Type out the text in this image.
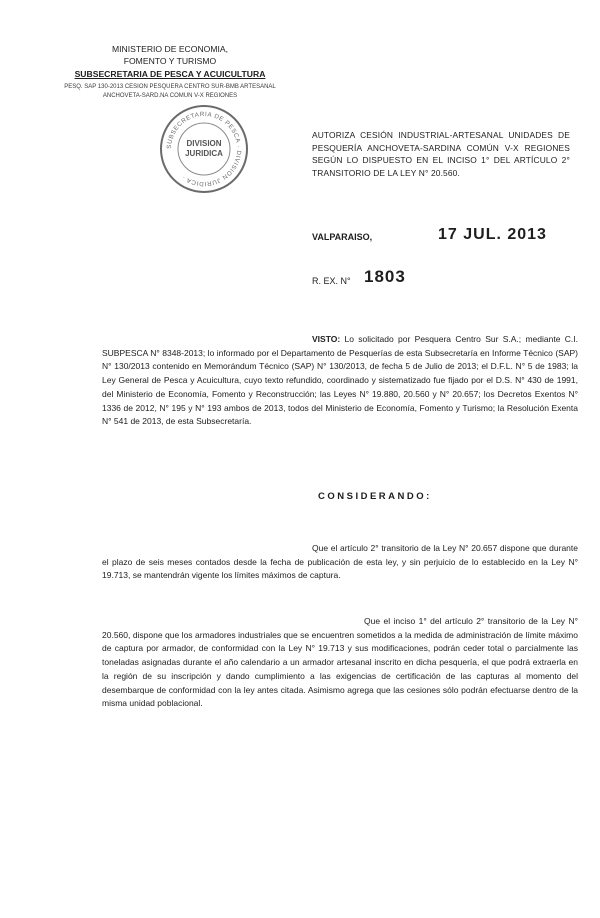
MINISTERIO DE ECONOMIA,
FOMENTO Y TURISMO
SUBSECRETARIA DE PESCA Y ACUICULTURA
PESQ. SAP 130-2013 CESION PESQUERA CENTRO SUR-BMB ARTESANAL
ANCHOVETA-SARD.NA COMUN V-X REGIONES
SUBSECRETARIA DE PESCA · DIVISION JURIDICA ·
DIVISION
JURIDICA
AUTORIZA CESIÓN INDUSTRIAL-ARTESANAL UNIDADES DE PESQUERÍA ANCHOVETA-SARDINA COMÚN V-X REGIONES SEGÚN LO DISPUESTO EN EL INCISO 1° DEL ARTÍCULO 2° TRANSITORIO DE LA LEY N° 20.560.
VALPARAISO,	17 JUL. 2013
R. EX. N° 1803
VISTO: Lo solicitado por Pesquera Centro Sur S.A.; mediante C.I. SUBPESCA N° 8348-2013; lo informado por el Departamento de Pesquerías de esta Subsecretaría en Informe Técnico (SAP) N° 130/2013 contenido en Memorándum Técnico (SAP) N° 130/2013, de fecha 5 de Julio de 2013; el D.F.L. N° 5 de 1983; la Ley General de Pesca y Acuicultura, cuyo texto refundido, coordinado y sistematizado fue fijado por el D.S. N° 430 de 1991, del Ministerio de Economía, Fomento y Reconstrucción; las Leyes N° 19.880, 20.560 y N° 20.657; los Decretos Exentos N° 1336 de 2012, N° 195 y N° 193 ambos de 2013, todos del Ministerio de Economía, Fomento y Turismo; la Resolución Exenta N° 541 de 2013, de esta Subsecretaría.
CONSIDERANDO:
Que el artículo 2° transitorio de la Ley N° 20.657 dispone que durante el plazo de seis meses contados desde la fecha de publicación de esta ley, y sin perjuicio de lo establecido en la Ley N° 19.713, se mantendrán vigente los límites máximos de captura.
Que el inciso 1° del artículo 2° transitorio de la Ley N° 20.560, dispone que los armadores industriales que se encuentren sometidos a la medida de administración de límite máximo de captura por armador, de conformidad con la Ley N° 19.713 y sus modificaciones, podrán ceder total o parcialmente las toneladas asignadas durante el año calendario a un armador artesanal inscrito en dicha pesquería, el que podrá extraerla en la región de su inscripción y dando cumplimiento a las exigencias de certificación de las capturas al momento del desembarque de conformidad con la ley antes citada. Asimismo agrega que las cesiones sólo podrán efectuarse dentro de la misma unidad poblacional.
